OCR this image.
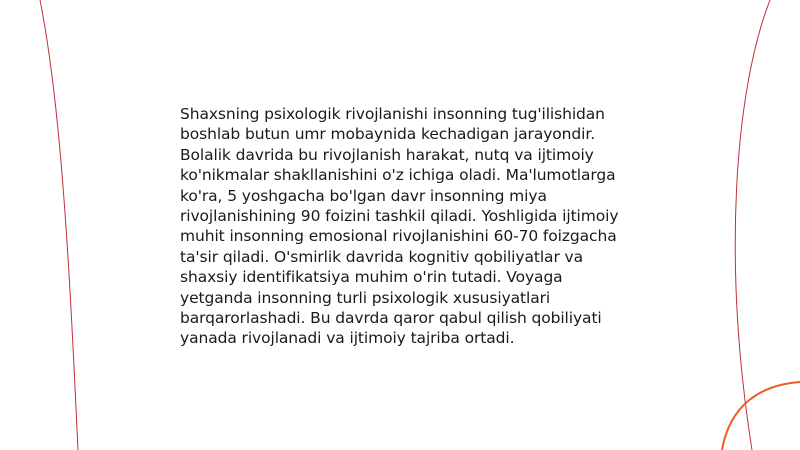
Shaxsning psixologik rivojlanishi insonning tug'ilishidan boshlab butun umr mobaynida kechadigan jarayondir. Bolalik davrida bu rivojlanish harakat, nutq va ijtimoiy ko'nikmalar shakllanishini o'z ichiga oladi. Ma'lumotlarga ko'ra, 5 yoshgacha bo'lgan davr insonning miya rivojlanishining 90 foizini tashkil qiladi. Yoshligida ijtimoiy muhit insonning emosional rivojlanishini 60-70 foizgacha ta'sir qiladi. O'smirlik davrida kognitiv qobiliyatlar va shaxsiy identifikatsiya muhim o'rin tutadi. Voyaga yetganda insonning turli psixologik xususiyatlari barqarorlashadi. Bu davrda qaror qabul qilish qobiliyati yanada rivojlanadi va ijtimoiy tajriba ortadi.
